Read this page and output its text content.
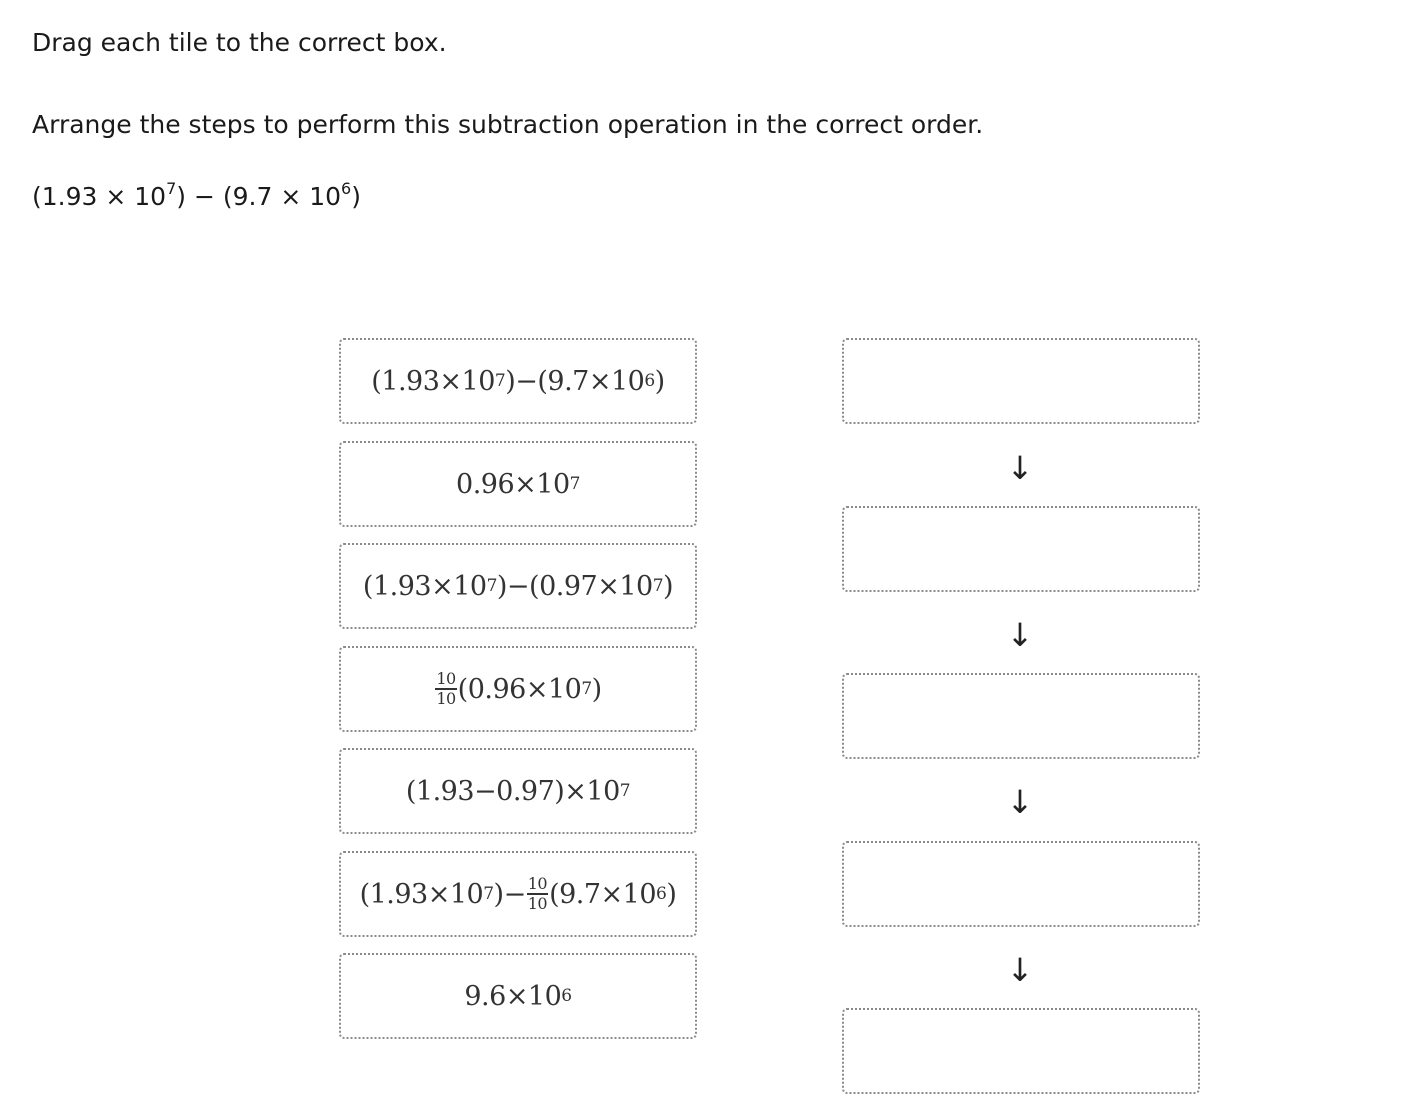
Drag each tile to the correct box.
Arrange the steps to perform this subtraction operation in the correct order.
$(1.93 \times 10^7) - (9.7 \times 10^6)$
(1.93×10 7 )−(9.7×10 6 )
0.96×10 7
(1.93×10 7 )−(0.97×10 7 )
$\frac{10}{10} (0.96\times 10$ 7 )
(1.93−0.97)×10 7
(1.93×10 7 )− $\frac{10}{10} (9.7\times 10$ 6 )
9.6×10 6
↓
↓
↓
↓
